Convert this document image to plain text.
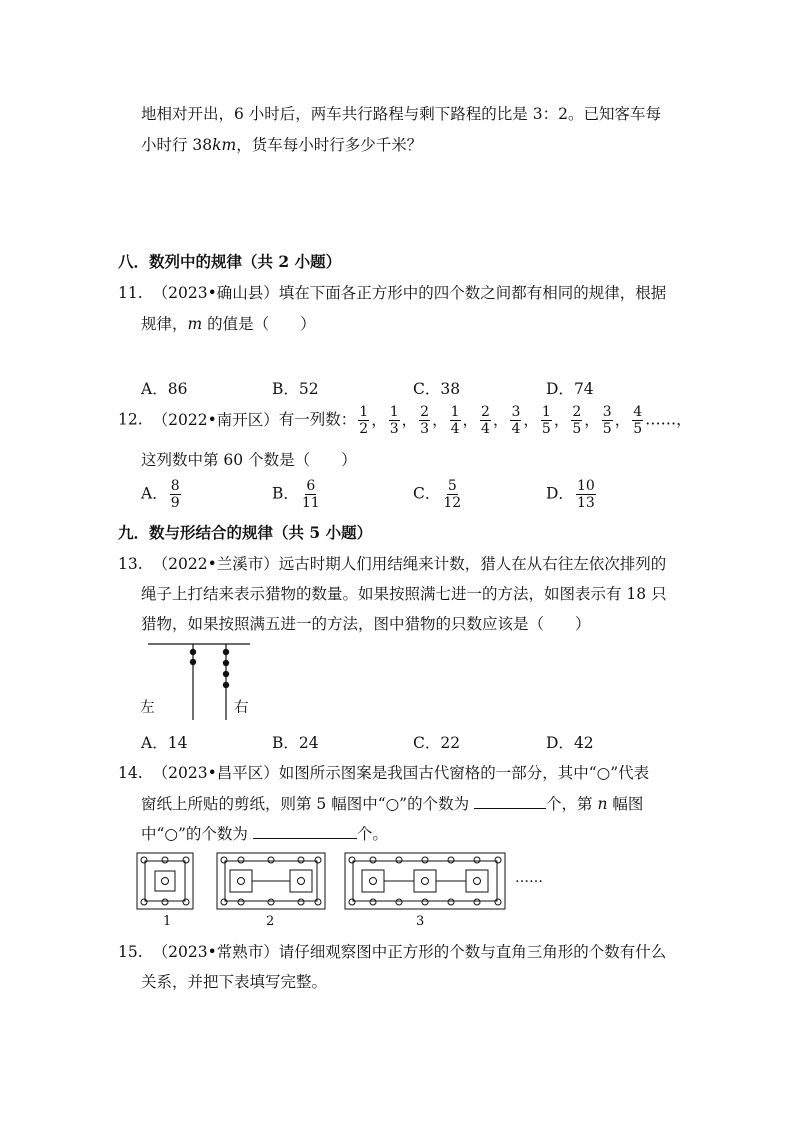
地相对开出，6 小时后，两车共行路程与剩下路程的比是 3：2。已知客车每
小时行 38km，货车每小时行多少千米？
八．数列中的规律（共 2 小题）
11. （2023•确山县）填在下面各正方形中的四个数之间都有相同的规律，根据
规律，m 的值是（　　）
A．86	B．52	C．38	D．74
12. （2022•南开区）有一列数： $\frac{1}{2}$ ， $\frac{1}{3}$ ， $\frac{2}{3}$ ， $\frac{1}{4}$ ， $\frac{2}{4}$ ， $\frac{3}{4}$ ， $\frac{1}{5}$ ， $\frac{2}{5}$ ， $\frac{3}{5}$ ， $\frac{4}{5}$ ……，
这列数中第 60 个数是（　　）
A． $\frac{8}{9}$	B． $\frac{6}{11}$	C． $\frac{5}{12}$	D． $\frac{10}{13}$
九．数与形结合的规律（共 5 小题）
13. （2022•兰溪市）远古时期人们用结绳来计数，猎人在从右往左依次排列的
绳子上打结来表示猎物的数量。如果按照满七进一的方法，如图表示有 18 只
猎物，如果按照满五进一的方法，图中猎物的只数应该是（　　）
左	右
A．14	B．24	C．22	D．42
14. （2023•昌平区）如图所示图案是我国古代窗格的一部分，其中“○”代表
窗纸上所贴的剪纸，则第 5 幅图中“○”的个数为	个，第 n 幅图
中“○”的个数为	个。
……
1	2	3
15. （2023•常熟市）请仔细观察图中正方形的个数与直角三角形的个数有什么
关系，并把下表填写完整。
